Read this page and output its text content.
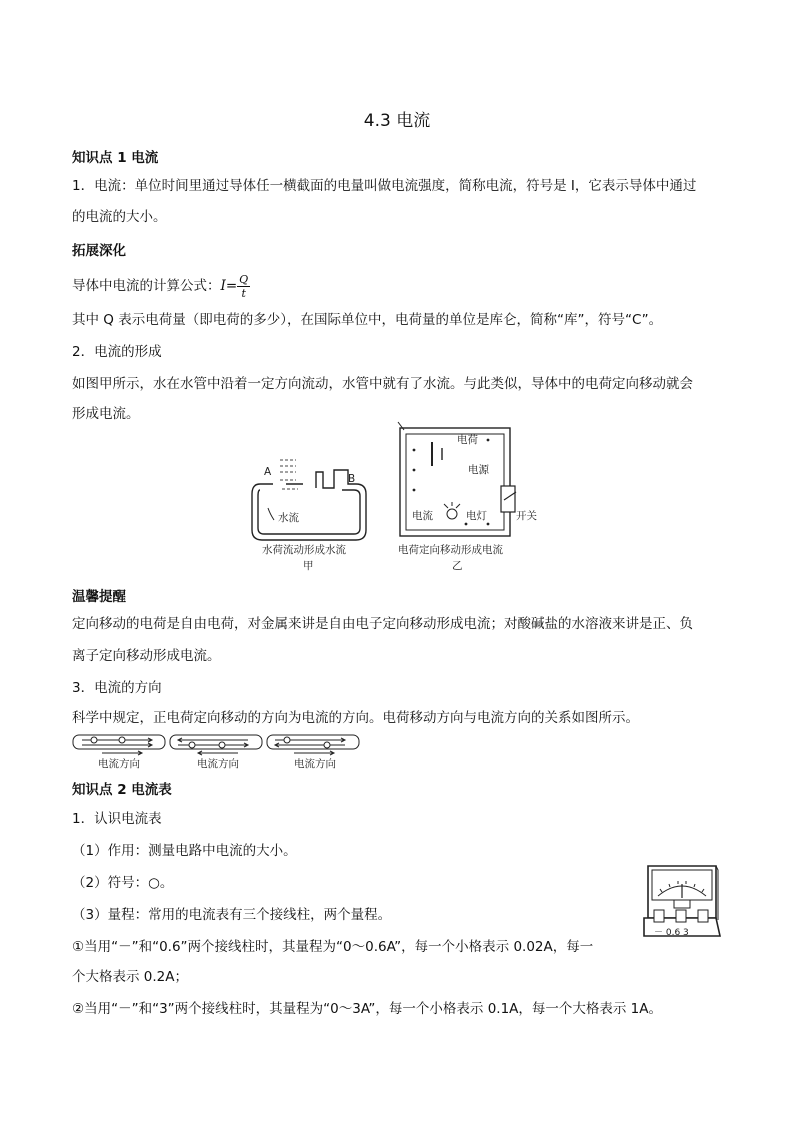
4.3 电流
知识点 1 电流
1．电流：单位时间里通过导体任一横截面的电量叫做电流强度，简称电流，符号是 I，它表示导体中通过
的电流的大小。
拓展深化
导体中电流的计算公式：$I= \frac{Q}{t}$
其中 Q 表示电荷量（即电荷的多少），在国际单位中，电荷量的单位是库仑，简称“库”，符号“C”。
2．电流的形成
如图甲所示，水在水管中沿着一定方向流动，水管中就有了水流。与此类似，导体中的电荷定向移动就会
形成电流。
A
B
水流
水荷流动形成水流
甲
电荷
电源
电流	电灯	开关
电荷定向移动形成电流
乙
温馨提醒
定向移动的电荷是自由电荷，对金属来讲是自由电子定向移动形成电流；对酸碱盐的水溶液来讲是正、负
离子定向移动形成电流。
3．电流的方向
科学中规定，正电荷定向移动的方向为电流的方向。电荷移动方向与电流方向的关系如图所示。
电流方向	电流方向	电流方向
知识点 2 电流表
1．认识电流表
（1）作用：测量电路中电流的大小。
（2）符号：○。
（3）量程：常用的电流表有三个接线柱，两个量程。
①当用“－”和“0.6”两个接线柱时，其量程为“0～0.6A”，每一个小格表示 0.02A，每一
个大格表示 0.2A；
②当用“－”和“3”两个接线柱时，其量程为“0～3A”，每一个小格表示 0.1A，每一个大格表示 1A。
－ 0.6 3
